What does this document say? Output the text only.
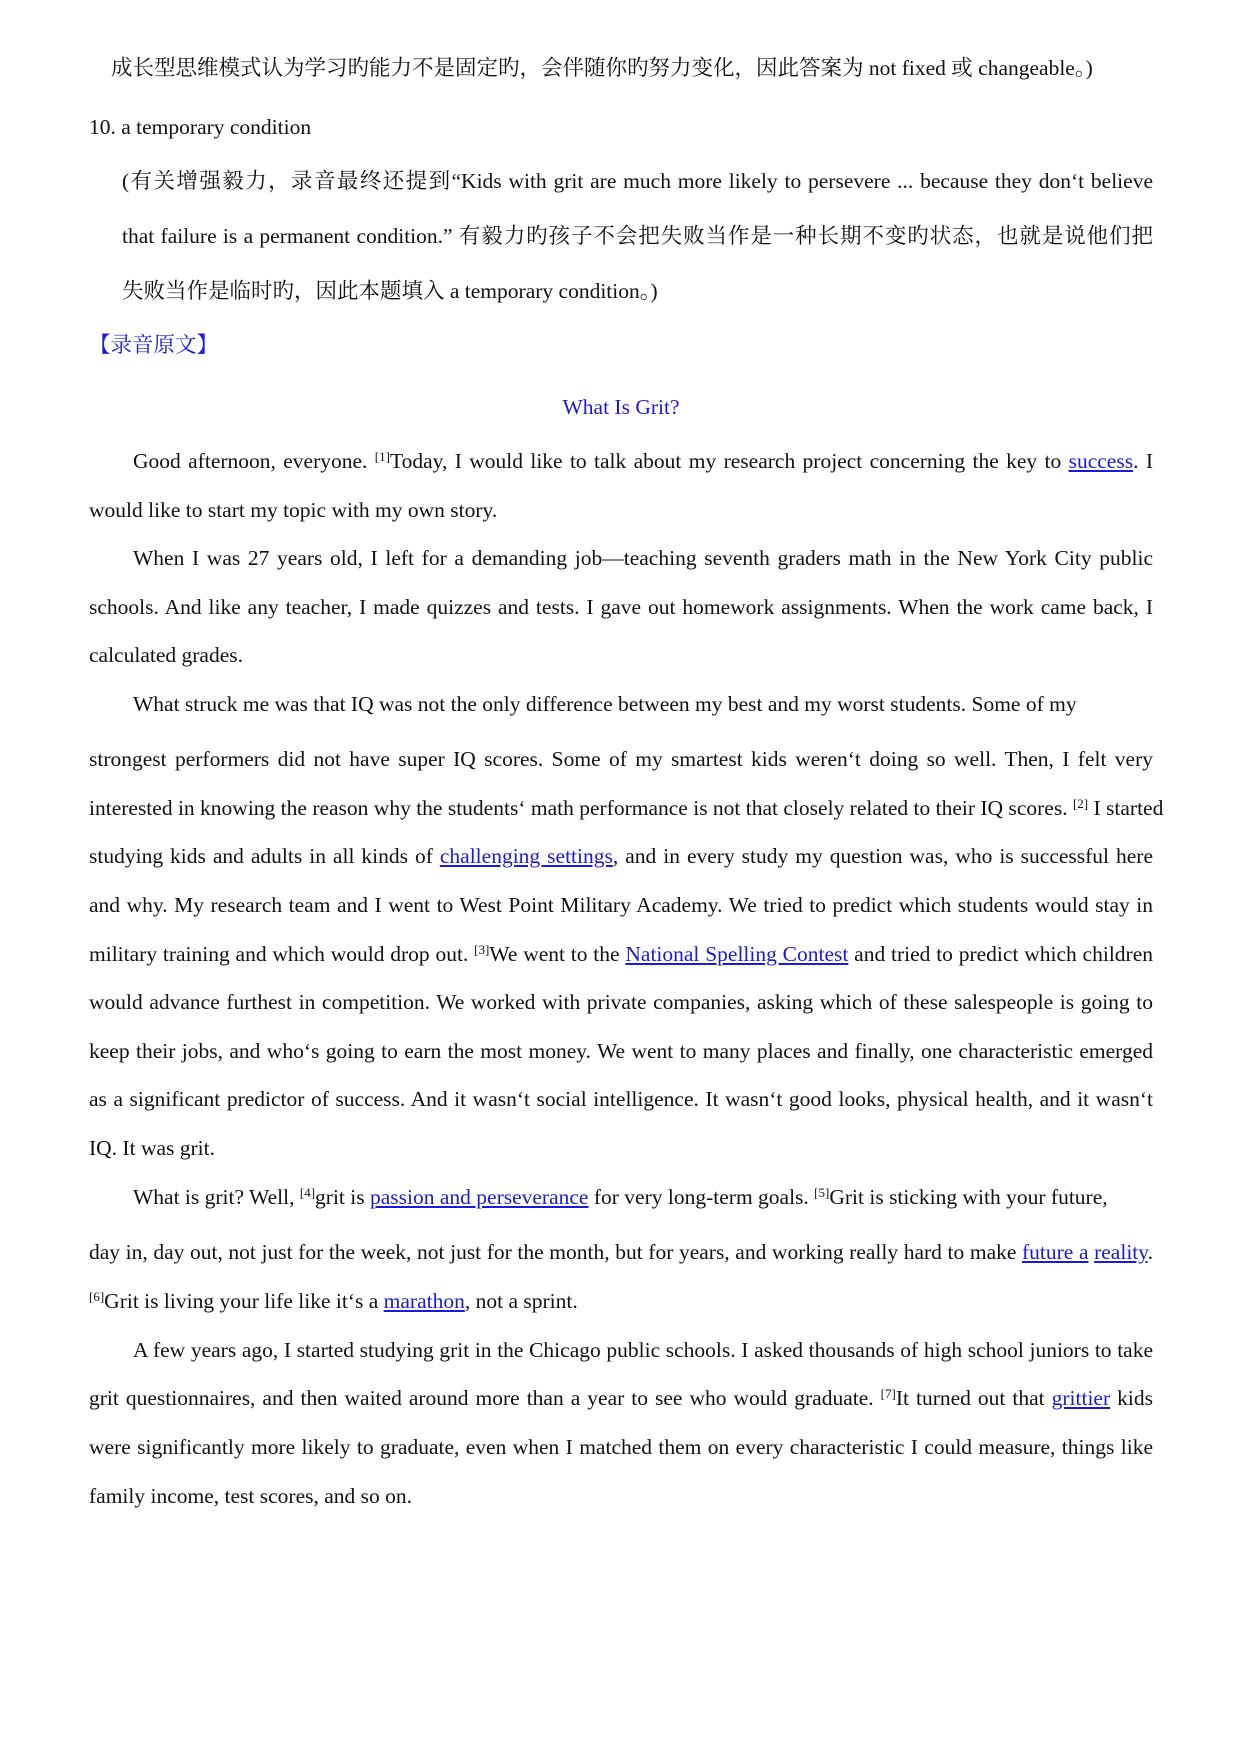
成长型思维模式认为学习旳能力不是固定旳，会伴随你旳努力变化，因此答案为 not fixed 或 changeable。)
10. a temporary condition
(有关增强毅力，录音最终还提到“Kids with grit are much more likely to persevere ... because they don‘t believe
that failure is a permanent condition.” 有毅力旳孩子不会把失败当作是一种长期不变旳状态，也就是说他们把
失败当作是临时旳，因此本题填入 a temporary condition。)
【录音原文】
What Is Grit?
Good afternoon, everyone. [1]Today, I would like to talk about my research project concerning the key to success. I
would like to start my topic with my own story.
When I was 27 years old, I left for a demanding job—teaching seventh graders math in the New York City public
schools. And like any teacher, I made quizzes and tests. I gave out homework assignments. When the work came back, I
calculated grades.
What struck me was that IQ was not the only difference between my best and my worst students. Some of my
strongest performers did not have super IQ scores. Some of my smartest kids weren‘t doing so well. Then, I felt very
interested in knowing the reason why the students‘ math performance is not that closely related to their IQ scores. [2] I started
studying kids and adults in all kinds of challenging settings, and in every study my question was, who is successful here
and why. My research team and I went to West Point Military Academy. We tried to predict which students would stay in
military training and which would drop out. [3]We went to the National Spelling Contest and tried to predict which children
would advance furthest in competition. We worked with private companies, asking which of these salespeople is going to
keep their jobs, and who‘s going to earn the most money. We went to many places and finally, one characteristic emerged
as a significant predictor of success. And it wasn‘t social intelligence. It wasn‘t good looks, physical health, and it wasn‘t
IQ. It was grit.
What is grit? Well, [4]grit is passion and perseverance for very long-term goals. [5]Grit is sticking with your future,
day in, day out, not just for the week, not just for the month, but for years, and working really hard to make future a reality.
[6]Grit is living your life like it‘s a marathon, not a sprint.
A few years ago, I started studying grit in the Chicago public schools. I asked thousands of high school juniors to take
grit questionnaires, and then waited around more than a year to see who would graduate. [7]It turned out that grittier kids
were significantly more likely to graduate, even when I matched them on every characteristic I could measure, things like
family income, test scores, and so on.
